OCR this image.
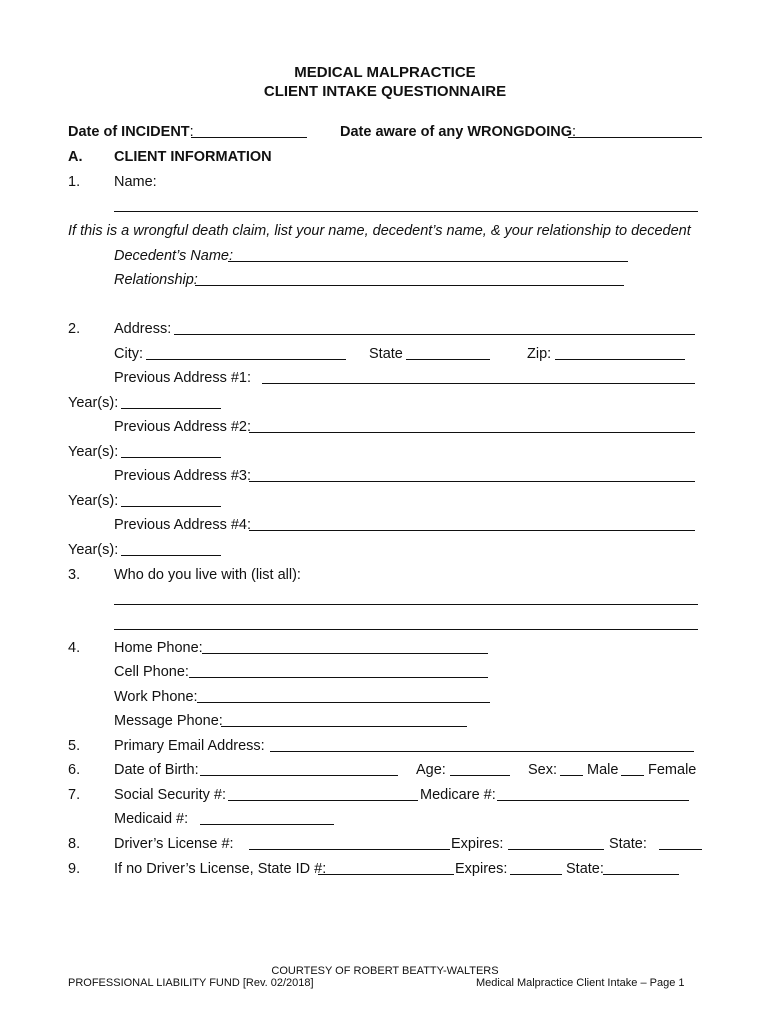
MEDICAL MALPRACTICE
CLIENT INTAKE QUESTIONNAIRE
Date of INCIDENT:	Date aware of any WRONGDOING:
A. CLIENT INFORMATION
1. Name:
If this is a wrongful death claim, list your name, decedent’s name, & your relationship to decedent
Decedent’s Name:
Relationship:
2. Address:
City:	State	Zip:
Previous Address #1:
Year(s):
Previous Address #2:
Year(s):
Previous Address #3:
Year(s):
Previous Address #4:
Year(s):
3. Who do you live with (list all):
4. Home Phone:
Cell Phone:
Work Phone:
Message Phone:
5. Primary Email Address:
6. Date of Birth:	Age:	Sex: Male Female
7. Social Security #:	Medicare #:
Medicaid #:
8. Driver’s License #:	Expires:	State:
9. If no Driver’s License, State ID #:	Expires:	State:
COURTESY OF ROBERT BEATTY-WALTERS
PROFESSIONAL LIABILITY FUND [Rev. 02/2018]	Medical Malpractice Client Intake – Page 1
